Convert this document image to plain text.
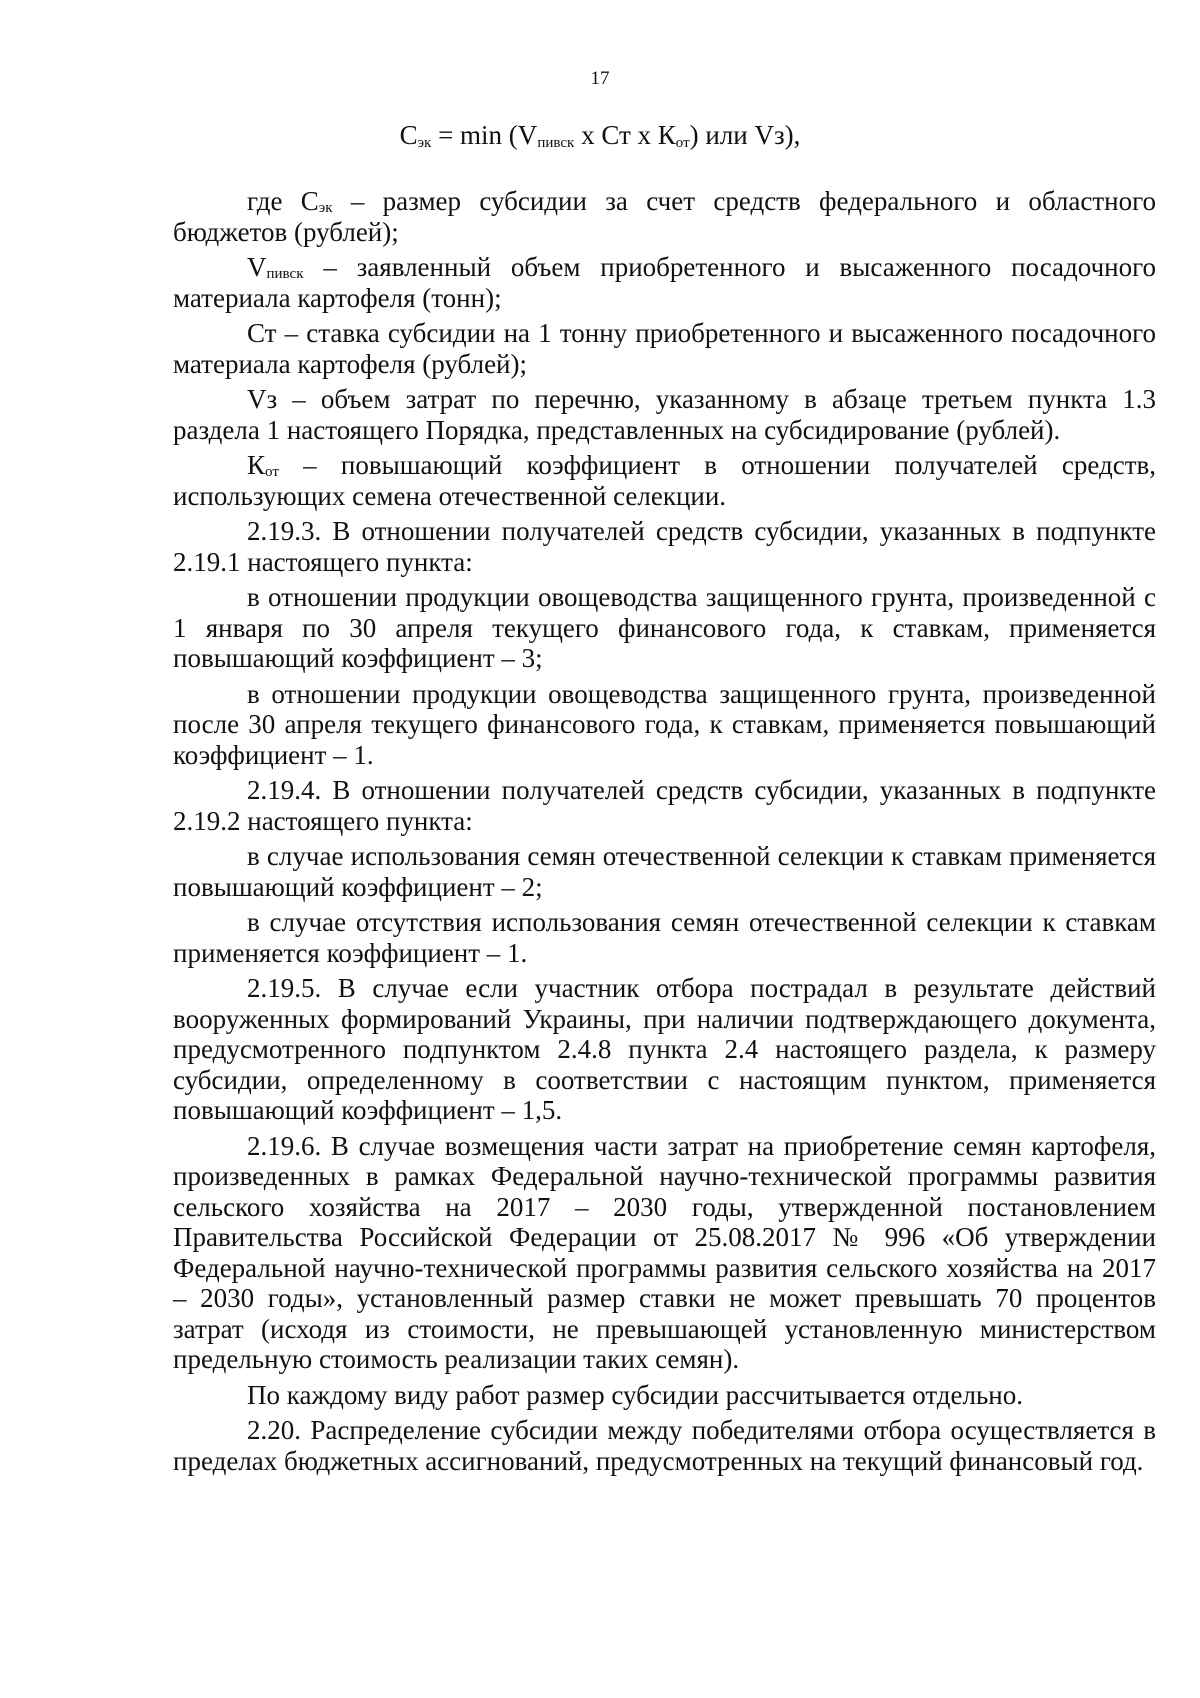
17
$С_{эк} = \min (V_{пивск}$ х Ст х $К_{от}$) или Vз),

где $С_{эк}$ – размер субсидии за счет средств федерального и областного бюджетов (рублей);

$V_{пивск}$ – заявленный объем приобретенного и высаженного посадочного материала картофеля (тонн);

Ст – ставка субсидии на 1 тонну приобретенного и высаженного посадочного материала картофеля (рублей);

Vз – объем затрат по перечню, указанному в абзаце третьем пункта 1.3 раздела 1 настоящего Порядка, представленных на субсидирование (рублей).

$К_{от}$ – повышающий коэффициент в отношении получателей средств, использующих семена отечественной селекции.

2.19.3. В отношении получателей средств субсидии, указанных в подпункте 2.19.1 настоящего пункта:

в отношении продукции овощеводства защищенного грунта, произведенной с 1 января по 30 апреля текущего финансового года, к ставкам, применяется повышающий коэффициент – 3;

в отношении продукции овощеводства защищенного грунта, произведенной после 30 апреля текущего финансового года, к ставкам, применяется повышающий коэффициент – 1.

2.19.4. В отношении получателей средств субсидии, указанных в подпункте 2.19.2 настоящего пункта:

в случае использования семян отечественной селекции к ставкам применяется повышающий коэффициент – 2;

в случае отсутствия использования семян отечественной селекции к ставкам применяется коэффициент – 1.

2.19.5. В случае если участник отбора пострадал в результате действий вооруженных формирований Украины, при наличии подтверждающего документа, предусмотренного подпунктом 2.4.8 пункта 2.4 настоящего раздела, к размеру субсидии, определенному в соответствии с настоящим пунктом, применяется повышающий коэффициент – 1,5.

2.19.6. В случае возмещения части затрат на приобретение семян картофеля, произведенных в рамках Федеральной научно-технической программы развития сельского хозяйства на 2017 – 2030 годы, утвержденной постановлением Правительства Российской Федерации от 25.08.2017 № 996 «Об утверждении Федеральной научно-технической программы развития сельского хозяйства на 2017 – 2030 годы», установленный размер ставки не может превышать 70 процентов затрат (исходя из стоимости, не превышающей установленную министерством предельную стоимость реализации таких семян).

По каждому виду работ размер субсидии рассчитывается отдельно.

2.20. Распределение субсидии между победителями отбора осуществляется в пределах бюджетных ассигнований, предусмотренных на текущий финансовый год.
